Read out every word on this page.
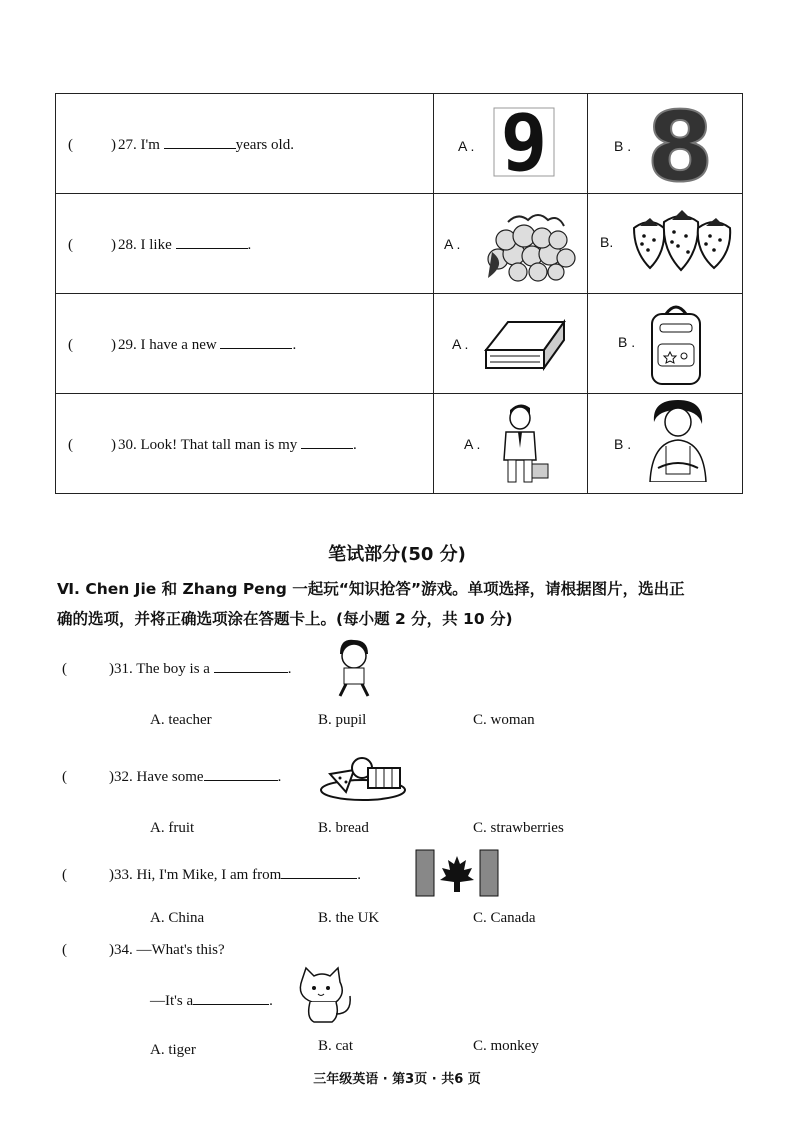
(	) 27. I'm	years old.	A . 9	B . 8
(	) 28. I like	.	A .	B.
(	) 29. I have a new	.	A .	B .
(	) 30. Look! That tall man is my	.	A .	B .
笔试部分(50 分)
Ⅵ. Chen Jie 和 Zhang Peng 一起玩“知识抢答”游戏。单项选择，请根据图片，选出正
确的选项，并将正确选项涂在答题卡上。(每小题 2 分，共 10 分)
(	)31. The boy is a	.
A. teacher	B. pupil	C. woman
(	)32. Have some	.
A. fruit	B. bread	C. strawberries
(	)33. Hi, I'm Mike, I am from	.
A. China	B. the UK	C. Canada
(	)34. —What's this?
—It's a	.
A. tiger	B. cat	C. monkey
三年级英语 · 第3页 · 共6 页
